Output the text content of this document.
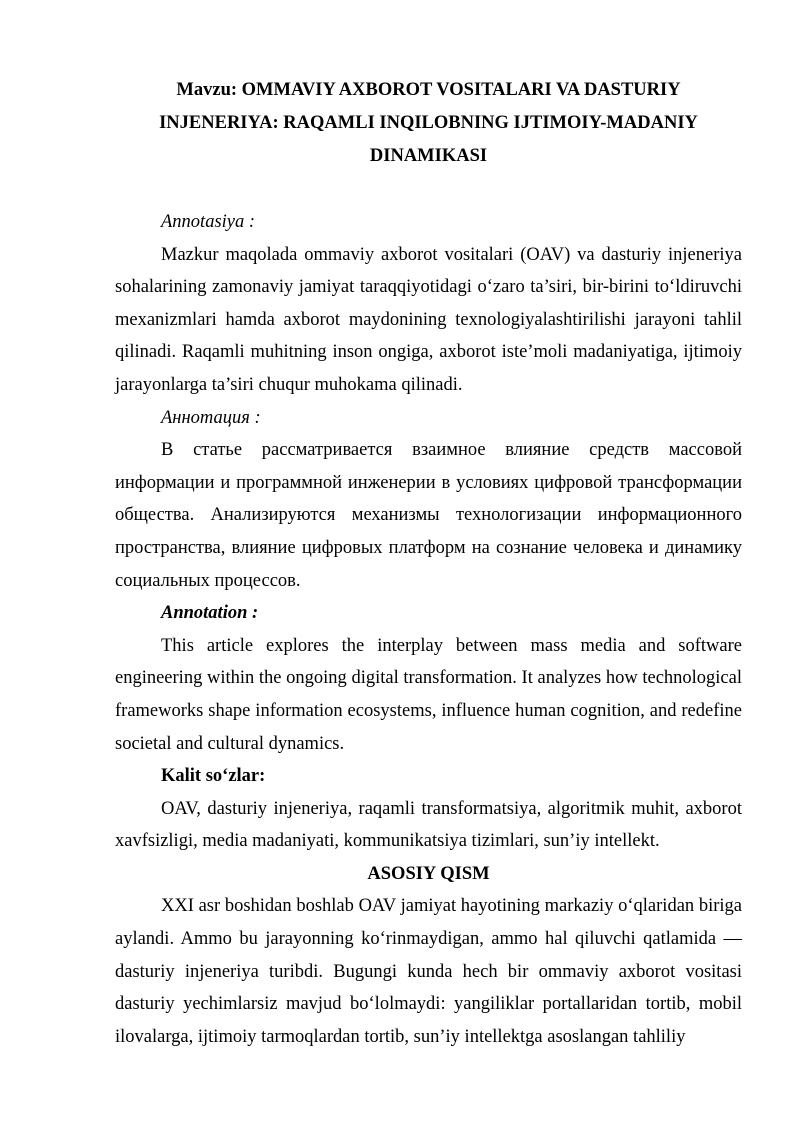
Mavzu: OMMAVIY AXBOROT VOSITALARI VA DASTURIY
INJENERIYA: RAQAMLI INQILOBNING IJTIMOIY-MADANIY
DINAMIKASI

Annotasiya :

Mazkur maqolada ommaviy axborot vositalari (OAV) va dasturiy injeneriya sohalarining zamonaviy jamiyat taraqqiyotidagi o‘zaro ta’siri, bir-birini to‘ldiruvchi mexanizmlari hamda axborot maydonining texnologiyalashtirilishi jarayoni tahlil qilinadi. Raqamli muhitning inson ongiga, axborot iste’moli madaniyatiga, ijtimoiy jarayonlarga ta’siri chuqur muhokama qilinadi.

Аннотация :

В статье рассматривается взаимное влияние средств массовой информации и программной инженерии в условиях цифровой трансформации общества. Анализируются механизмы технологизации информационного пространства, влияние цифровых платформ на сознание человека и динамику социальных процессов.

Annotation :

This article explores the interplay between mass media and software engineering within the ongoing digital transformation. It analyzes how technological frameworks shape information ecosystems, influence human cognition, and redefine societal and cultural dynamics.

Kalit so‘zlar:

OAV, dasturiy injeneriya, raqamli transformatsiya, algoritmik muhit, axborot xavfsizligi, media madaniyati, kommunikatsiya tizimlari, sun’iy intellekt.

ASOSIY QISM

XXI asr boshidan boshlab OAV jamiyat hayotining markaziy o‘qlaridan biriga aylandi. Ammo bu jarayonning ko‘rinmaydigan, ammo hal qiluvchi qatlamida — dasturiy injeneriya turibdi. Bugungi kunda hech bir ommaviy axborot vositasi dasturiy yechimlarsiz mavjud bo‘lolmaydi: yangiliklar portallaridan tortib, mobil ilovalarga, ijtimoiy tarmoqlardan tortib, sun’iy intellektga asoslangan tahliliy
